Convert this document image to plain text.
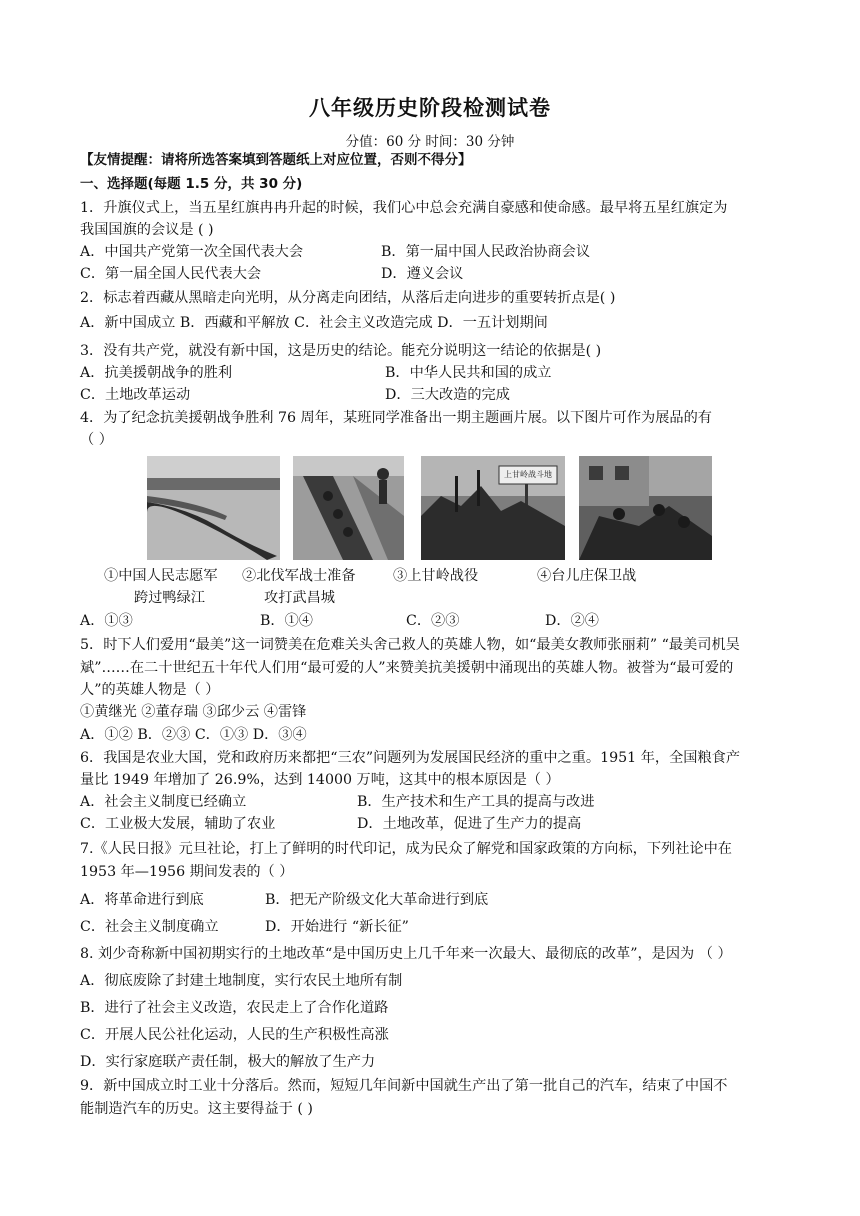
八年级历史阶段检测试卷
分值：60 分 时间：30 分钟
【友情提醒：请将所选答案填到答题纸上对应位置，否则不得分】
一、选择题(每题 1.5 分，共 30 分)
1．升旗仪式上，当五星红旗冉冉升起的时候，我们心中总会充满自豪感和使命感。最早将五星红旗定为
我国国旗的会议是 ( )
A．中国共产党第一次全国代表大会	B．第一届中国人民政治协商会议
C．第一届全国人民代表大会	D．遵义会议
2．标志着西藏从黑暗走向光明，从分离走向团结，从落后走向进步的重要转折点是( )
A．新中国成立 B．西藏和平解放 C．社会主义改造完成 D．一五计划期间
3．没有共产党，就没有新中国，这是历史的结论。能充分说明这一结论的依据是( )
A．抗美援朝战争的胜利	B．中华人民共和国的成立
C．土地改革运动	D．三大改造的完成
4．为了纪念抗美援朝战争胜利 76 周年，某班同学准备出一期主题画片展。以下图片可作为展品的有
（ ）
上甘岭战斗地
①中国人民志愿军
跨过鸭绿江
②北伐军战士准备
攻打武昌城
③上甘岭战役	④台儿庄保卫战
A．①③	B．①④	C．②③	D．②④
5．时下人们爱用“最美”这一词赞美在危难关头舍己救人的英雄人物，如“最美女教师张丽莉” “最美司机吴
斌”……在二十世纪五十年代人们用“最可爱的人”来赞美抗美援朝中涌现出的英雄人物。被誉为“最可爱的
人”的英雄人物是（ ）
①黄继光 ②董存瑞 ③邱少云 ④雷锋
A．①② B．②③ C．①③ D．③④
6．我国是农业大国，党和政府历来都把“三农”问题列为发展国民经济的重中之重。1951 年，全国粮食产
量比 1949 年增加了 26.9%，达到 14000 万吨，这其中的根本原因是（ ）
A．社会主义制度已经确立	B．生产技术和生产工具的提高与改进
C．工业极大发展，辅助了农业	D．土地改革，促进了生产力的提高
7.《人民日报》元旦社论，打上了鲜明的时代印记，成为民众了解党和国家政策的方向标，下列社论中在
1953 年—1956 期间发表的（ ）
A．将革命进行到底	B．把无产阶级文化大革命进行到底
C．社会主义制度确立	D．开始进行 “新长征”
8. 刘少奇称新中国初期实行的土地改革“是中国历史上几千年来一次最大、最彻底的改革”，是因为 （ ）
A．彻底废除了封建土地制度，实行农民土地所有制
B．进行了社会主义改造，农民走上了合作化道路
C．开展人民公社化运动，人民的生产积极性高涨
D．实行家庭联产责任制，极大的解放了生产力
9．新中国成立时工业十分落后。然而，短短几年间新中国就生产出了第一批自己的汽车，结束了中国不
能制造汽车的历史。这主要得益于 ( )
